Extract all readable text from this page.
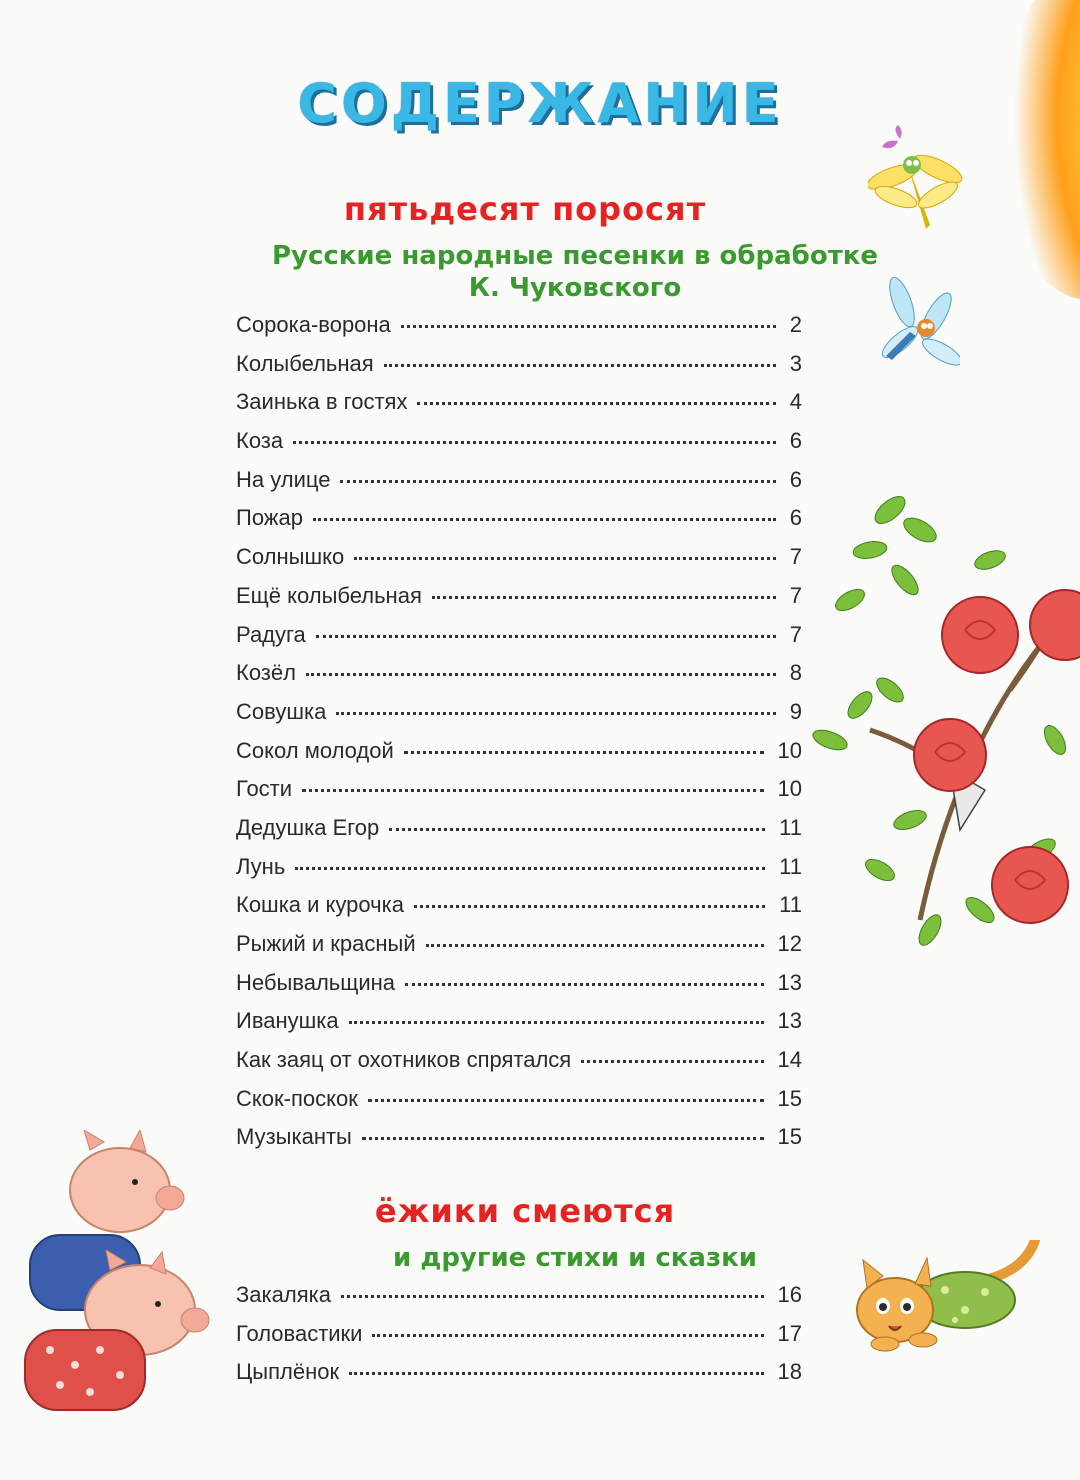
СОДЕРЖАНИЕ
пятьдесят поросят
Русские народные песенки в обработке
К. Чуковского
Сорока-ворона	2
Колыбельная	3
Заинька в гостях	4
Коза	6
На улице	6
Пожар	6
Солнышко	7
Ещё колыбельная	7
Радуга	7
Козёл	8
Совушка	9
Сокол молодой	10
Гости	10
Дедушка Егор	11
Лунь	11
Кошка и курочка	11
Рыжий и красный	12
Небывальщина	13
Иванушка	13
Как заяц от охотников спрятался	14
Скок-поскок	15
Музыканты	15
ёжики смеются
и другие стихи и сказки
Закаляка	16
Головастики	17
Цыплёнок	18
